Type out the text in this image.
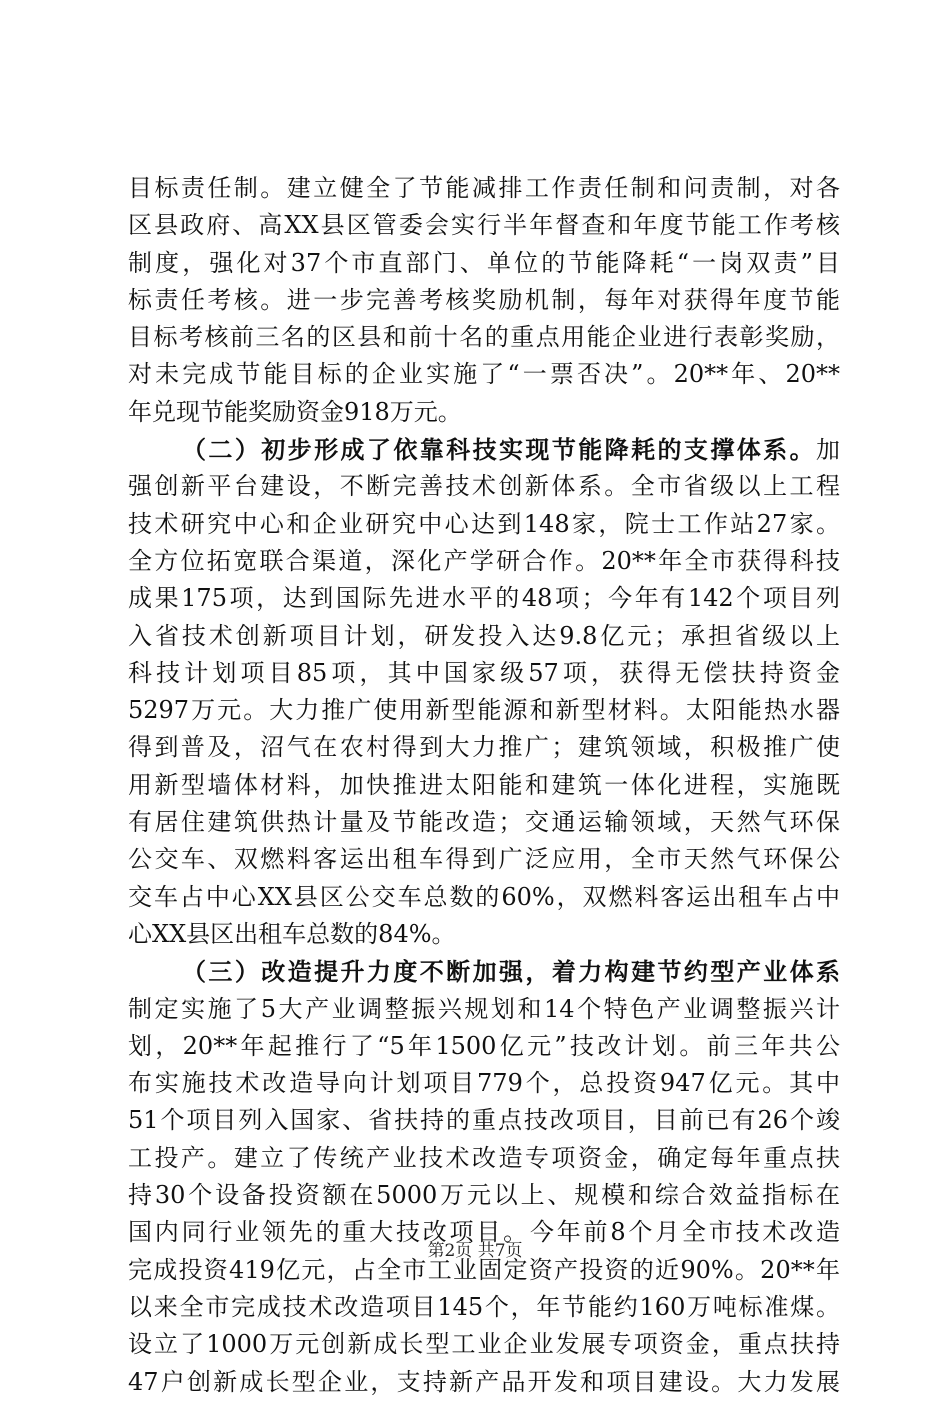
目标责任制。建立健全了节能减排工作责任制和问责制，对各
区县政府、高XX县区管委会实行半年督查和年度节能工作考核
制度，强化对37个市直部门、单位的节能降耗“一岗双责”目
标责任考核。进一步完善考核奖励机制，每年对获得年度节能
目标考核前三名的区县和前十名的重点用能企业进行表彰奖励，
对未完成节能目标的企业实施了“一票否决”。20**年、20**
年兑现节能奖励资金918万元。
（二）初步形成了依靠科技实现节能降耗的支撑体系。加
强创新平台建设，不断完善技术创新体系。全市省级以上工程
技术研究中心和企业研究中心达到148家，院士工作站27家。
全方位拓宽联合渠道，深化产学研合作。20**年全市获得科技
成果175项，达到国际先进水平的48项；今年有142个项目列
入省技术创新项目计划，研发投入达9.8亿元；承担省级以上
科技计划项目85项，其中国家级57项，获得无偿扶持资金
5297万元。大力推广使用新型能源和新型材料。太阳能热水器
得到普及，沼气在农村得到大力推广；建筑领域，积极推广使
用新型墙体材料，加快推进太阳能和建筑一体化进程，实施既
有居住建筑供热计量及节能改造；交通运输领域，天然气环保
公交车、双燃料客运出租车得到广泛应用，全市天然气环保公
交车占中心XX县区公交车总数的60%，双燃料客运出租车占中
心XX县区出租车总数的84%。
（三）改造提升力度不断加强，着力构建节约型产业体系
制定实施了5大产业调整振兴规划和14个特色产业调整振兴计
划，20**年起推行了“5年1500亿元”技改计划。前三年共公
布实施技术改造导向计划项目779个，总投资947亿元。其中
51个项目列入国家、省扶持的重点技改项目，目前已有26个竣
工投产。建立了传统产业技术改造专项资金，确定每年重点扶
持30个设备投资额在5000万元以上、规模和综合效益指标在
国内同行业领先的重大技改项目。今年前8个月全市技术改造
完成投资419亿元，占全市工业固定资产投资的近90%。20**年
以来全市完成技术改造项目145个，年节能约160万吨标准煤。
设立了1000万元创新成长型工业企业发展专项资金，重点扶持
47户创新成长型企业，支持新产品开发和项目建设。大力发展
第2页 共7页
